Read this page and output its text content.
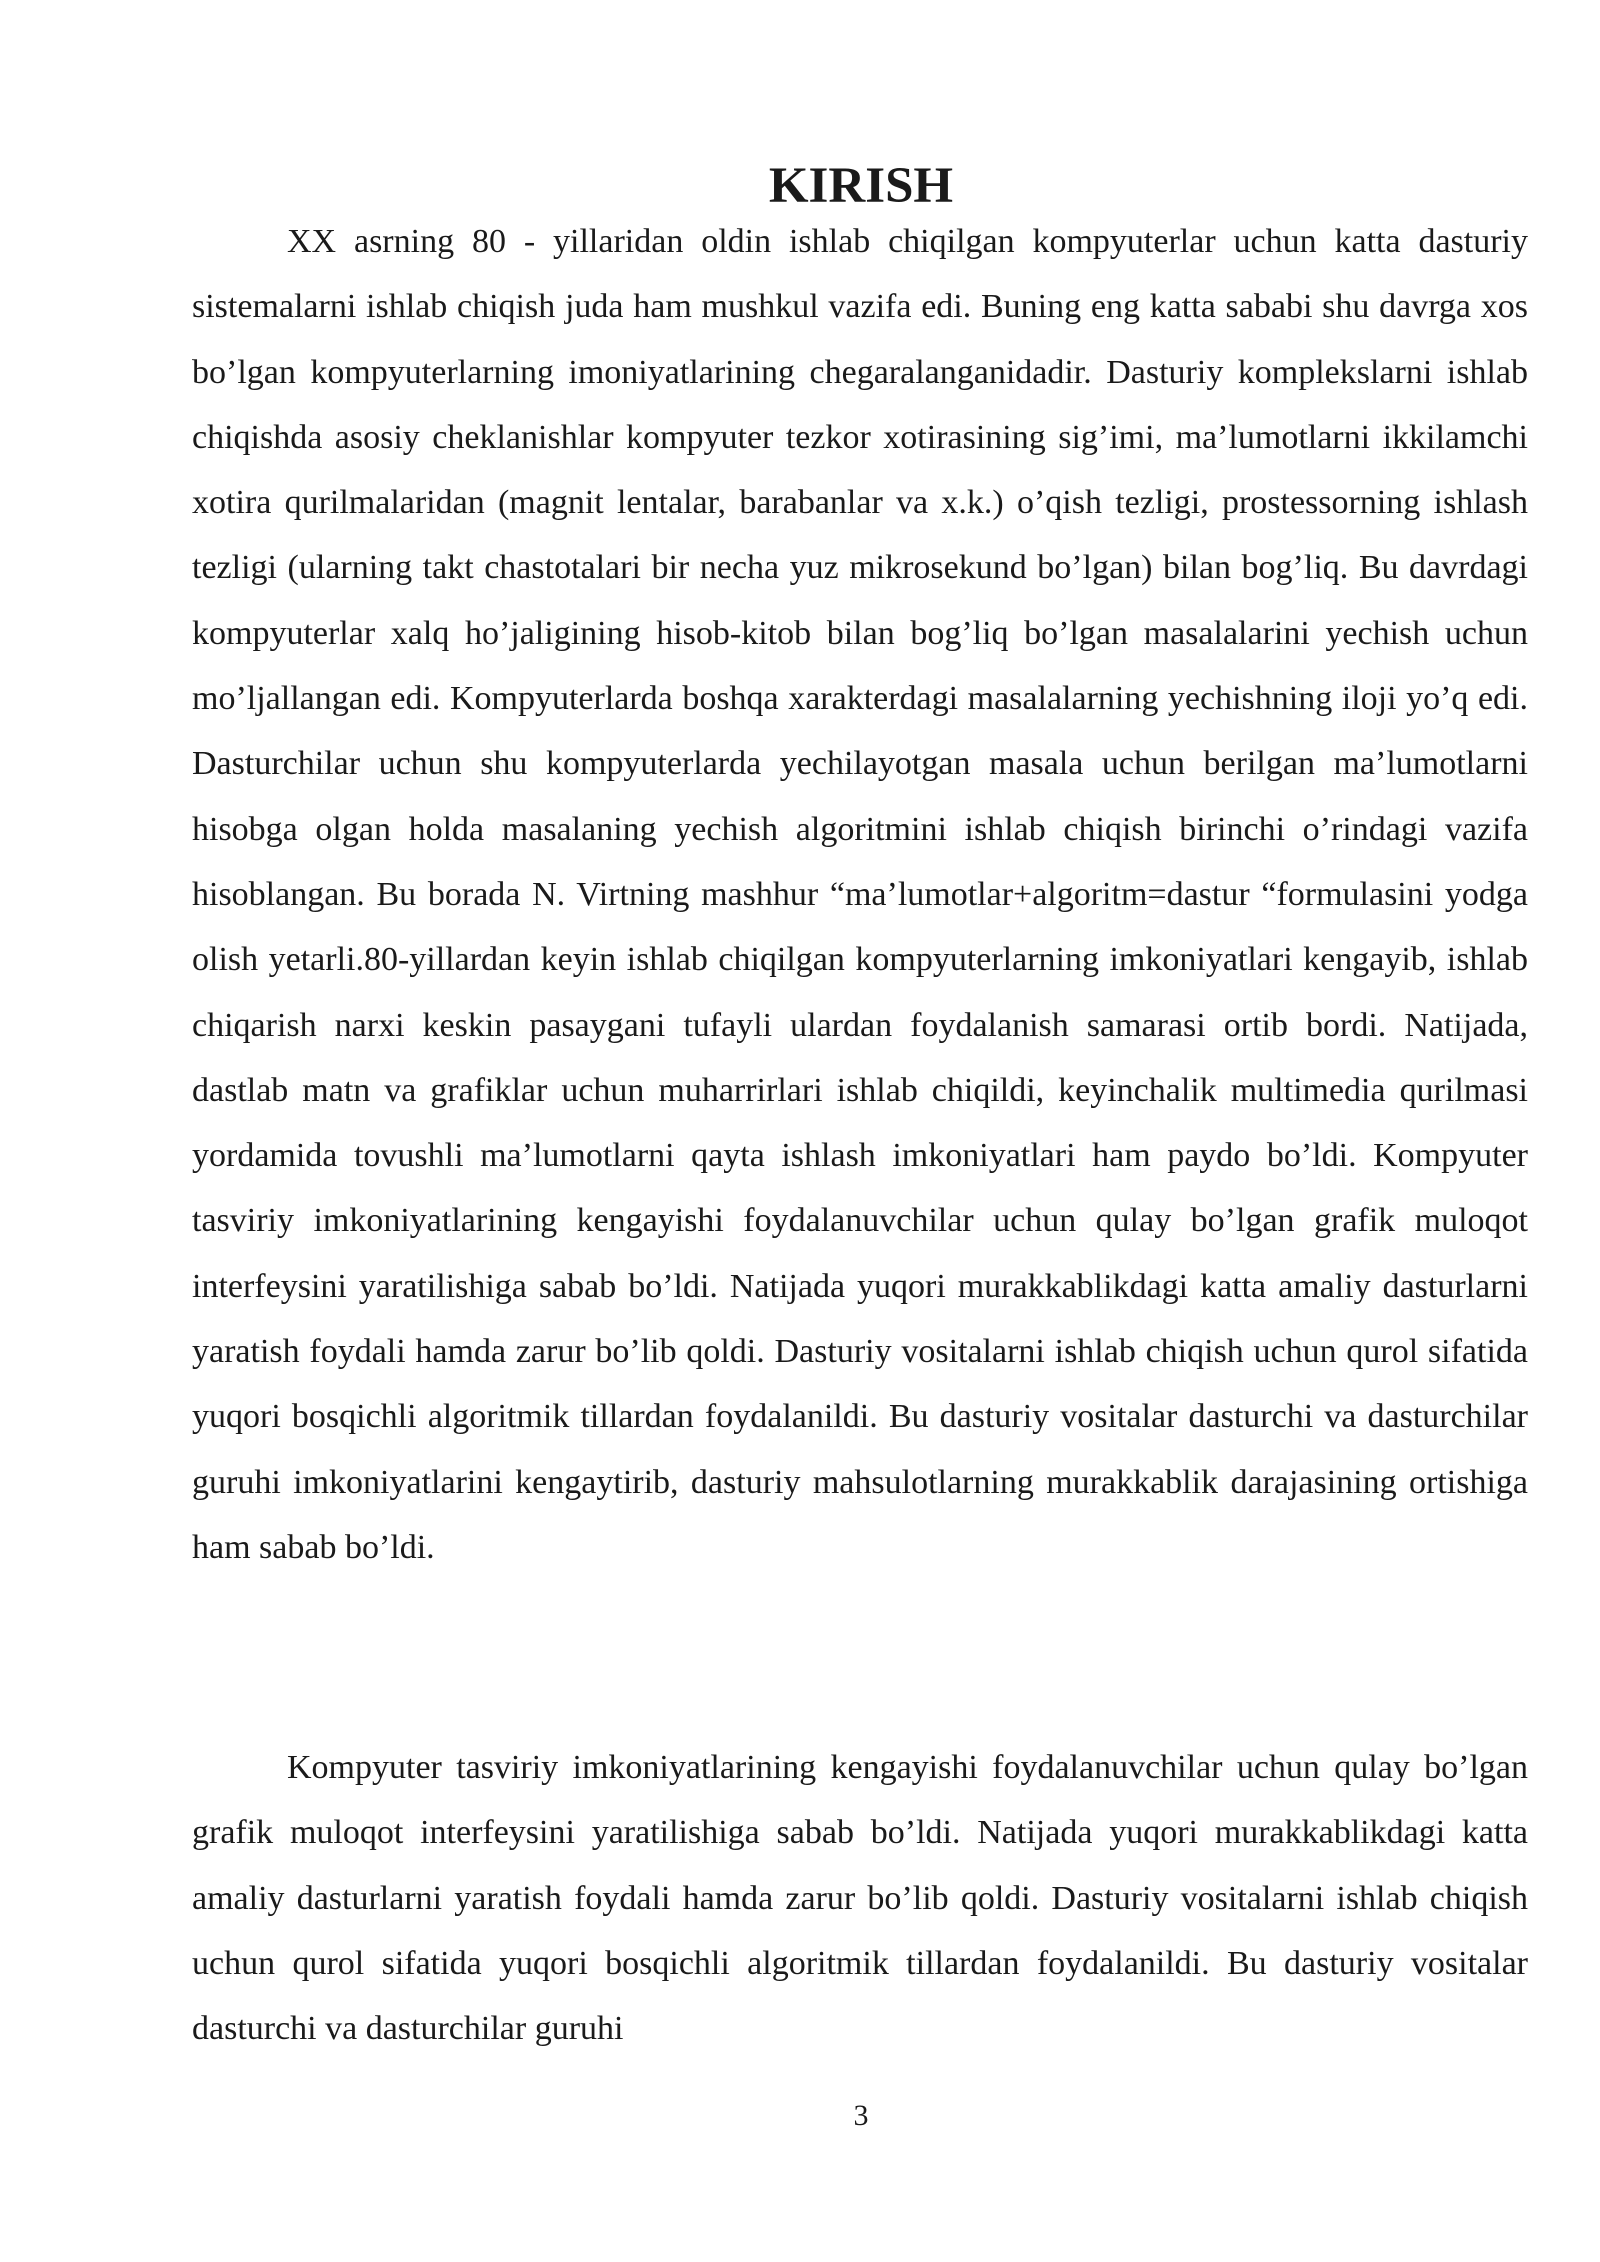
KIRISH

XX asrning 80 - yillaridan oldin ishlab chiqilgan kompyuterlar uchun katta dasturiy sistemalarni ishlab chiqish juda ham mushkul vazifa edi. Buning eng katta sababi shu davrga xos bo’lgan kompyuterlarning imoniyatlarining chegaralanganidadir. Dasturiy komplekslarni ishlab chiqishda asosiy cheklanishlar kompyuter tezkor xotirasining sig’imi, ma’lumotlarni ikkilamchi xotira qurilmalaridan (magnit lentalar, barabanlar va x.k.) o’qish tezligi, prostessorning ishlash tezligi (ularning takt chastotalari bir necha yuz mikrosekund bo’lgan) bilan bog’liq. Bu davrdagi kompyuterlar xalq ho’jaligining hisob-kitob bilan bog’liq bo’lgan masalalarini yechish uchun mo’ljallangan edi. Kompyuterlarda boshqa xarakterdagi masalalarning yechishning iloji yo’q edi. Dasturchilar uchun shu kompyuterlarda yechilayotgan masala uchun berilgan ma’lumotlarni hisobga olgan holda masalaning yechish algoritmini ishlab chiqish birinchi o’rindagi vazifa hisoblangan. Bu borada N. Virtning mashhur “ma’lumotlar+algoritm=dastur “formulasini yodga olish yetarli.80-yillardan keyin ishlab chiqilgan kompyuterlarning imkoniyatlari kengayib, ishlab chiqarish narxi keskin pasaygani tufayli ulardan foydalanish samarasi ortib bordi. Natijada, dastlab matn va grafiklar uchun muharrirlari ishlab chiqildi, keyinchalik multimedia qurilmasi yordamida tovushli ma’lumotlarni qayta ishlash imkoniyatlari ham paydo bo’ldi. Kompyuter tasviriy imkoniyatlarining kengayishi foydalanuvchilar uchun qulay bo’lgan grafik muloqot interfeysini yaratilishiga sabab bo’ldi. Natijada yuqori murakkablikdagi katta amaliy dasturlarni yaratish foydali hamda zarur bo’lib qoldi. Dasturiy vositalarni ishlab chiqish uchun qurol sifatida yuqori bosqichli algoritmik tillardan foydalanildi. Bu dasturiy vositalar dasturchi va dasturchilar guruhi imkoniyatlarini kengaytirib, dasturiy mahsulotlarning murakkablik darajasining ortishiga ham sabab bo’ldi.

Kompyuter tasviriy imkoniyatlarining kengayishi foydalanuvchilar uchun qulay bo’lgan grafik muloqot interfeysini yaratilishiga sabab bo’ldi. Natijada yuqori murakkablikdagi katta amaliy dasturlarni yaratish foydali hamda zarur bo’lib qoldi. Dasturiy vositalarni ishlab chiqish uchun qurol sifatida yuqori bosqichli algoritmik tillardan foydalanildi. Bu dasturiy vositalar dasturchi va dasturchilar guruhi

3
